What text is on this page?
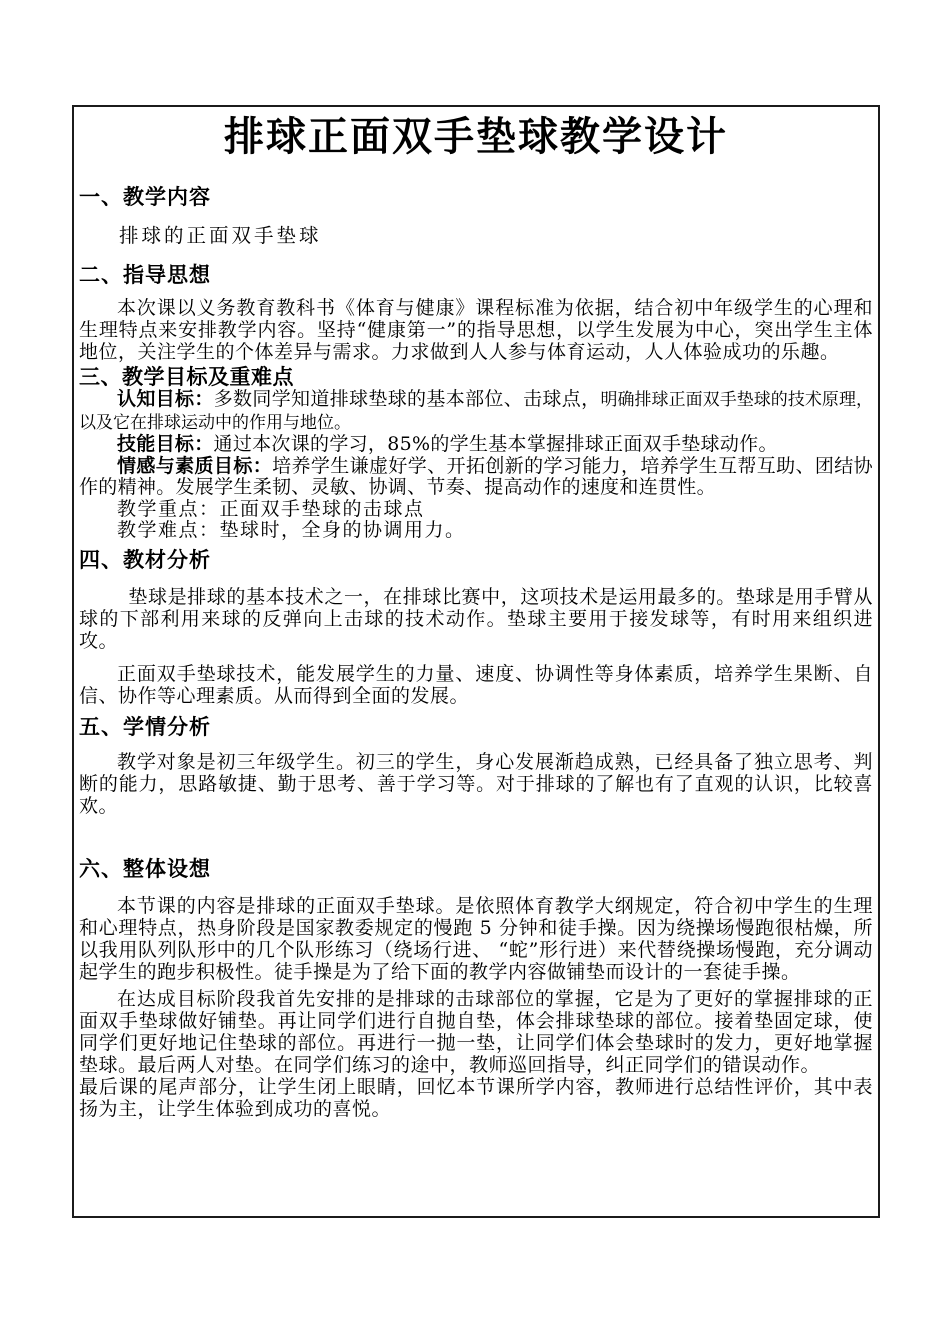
排球正面双手垫球教学设计
一、教学内容

排球的正面双手垫球

二、指导思想

本次课以义务教育教科书《体育与健康》课程标准为依据，结合初中年级学生的心理和生理特点来安排教学内容。坚持“健康第一”的指导思想，以学生发展为中心，突出学生主体地位，关注学生的个体差异与需求。力求做到人人参与体育运动，人人体验成功的乐趣。

三、教学目标及重难点

认知目标：多数同学知道排球垫球的基本部位、击球点，明确排球正面双手垫球的技术原理，以及它在排球运动中的作用与地位。

技能目标：通过本次课的学习，85%的学生基本掌握排球正面双手垫球动作。

情感与素质目标：培养学生谦虚好学、开拓创新的学习能力，培养学生互帮互助、团结协作的精神。发展学生柔韧、灵敏、协调、节奏、提高动作的速度和连贯性。

教学重点：正面双手垫球的击球点

教学难点：垫球时，全身的协调用力。

四、教材分析

垫球是排球的基本技术之一，在排球比赛中，这项技术是运用最多的。垫球是用手臂从球的下部利用来球的反弹向上击球的技术动作。垫球主要用于接发球等，有时用来组织进攻。

正面双手垫球技术，能发展学生的力量、速度、协调性等身体素质，培养学生果断、自信、协作等心理素质。从而得到全面的发展。

五、学情分析

教学对象是初三年级学生。初三的学生，身心发展渐趋成熟，已经具备了独立思考、判断的能力，思路敏捷、勤于思考、善于学习等。对于排球的了解也有了直观的认识，比较喜欢。

六、整体设想

本节课的内容是排球的正面双手垫球。是依照体育教学大纲规定，符合初中学生的生理和心理特点，热身阶段是国家教委规定的慢跑 5 分钟和徒手操。因为绕操场慢跑很枯燥，所以我用队列队形中的几个队形练习（绕场行进、 “蛇”形行进）来代替绕操场慢跑，充分调动起学生的跑步积极性。徒手操是为了给下面的教学内容做铺垫而设计的一套徒手操。

在达成目标阶段我首先安排的是排球的击球部位的掌握，它是为了更好的掌握排球的正面双手垫球做好铺垫。再让同学们进行自抛自垫，体会排球垫球的部位。接着垫固定球，使同学们更好地记住垫球的部位。再进行一抛一垫，让同学们体会垫球时的发力，更好地掌握垫球。最后两人对垫。在同学们练习的途中，教师巡回指导，纠正同学们的错误动作。

最后课的尾声部分，让学生闭上眼睛，回忆本节课所学内容，教师进行总结性评价，其中表扬为主，让学生体验到成功的喜悦。
